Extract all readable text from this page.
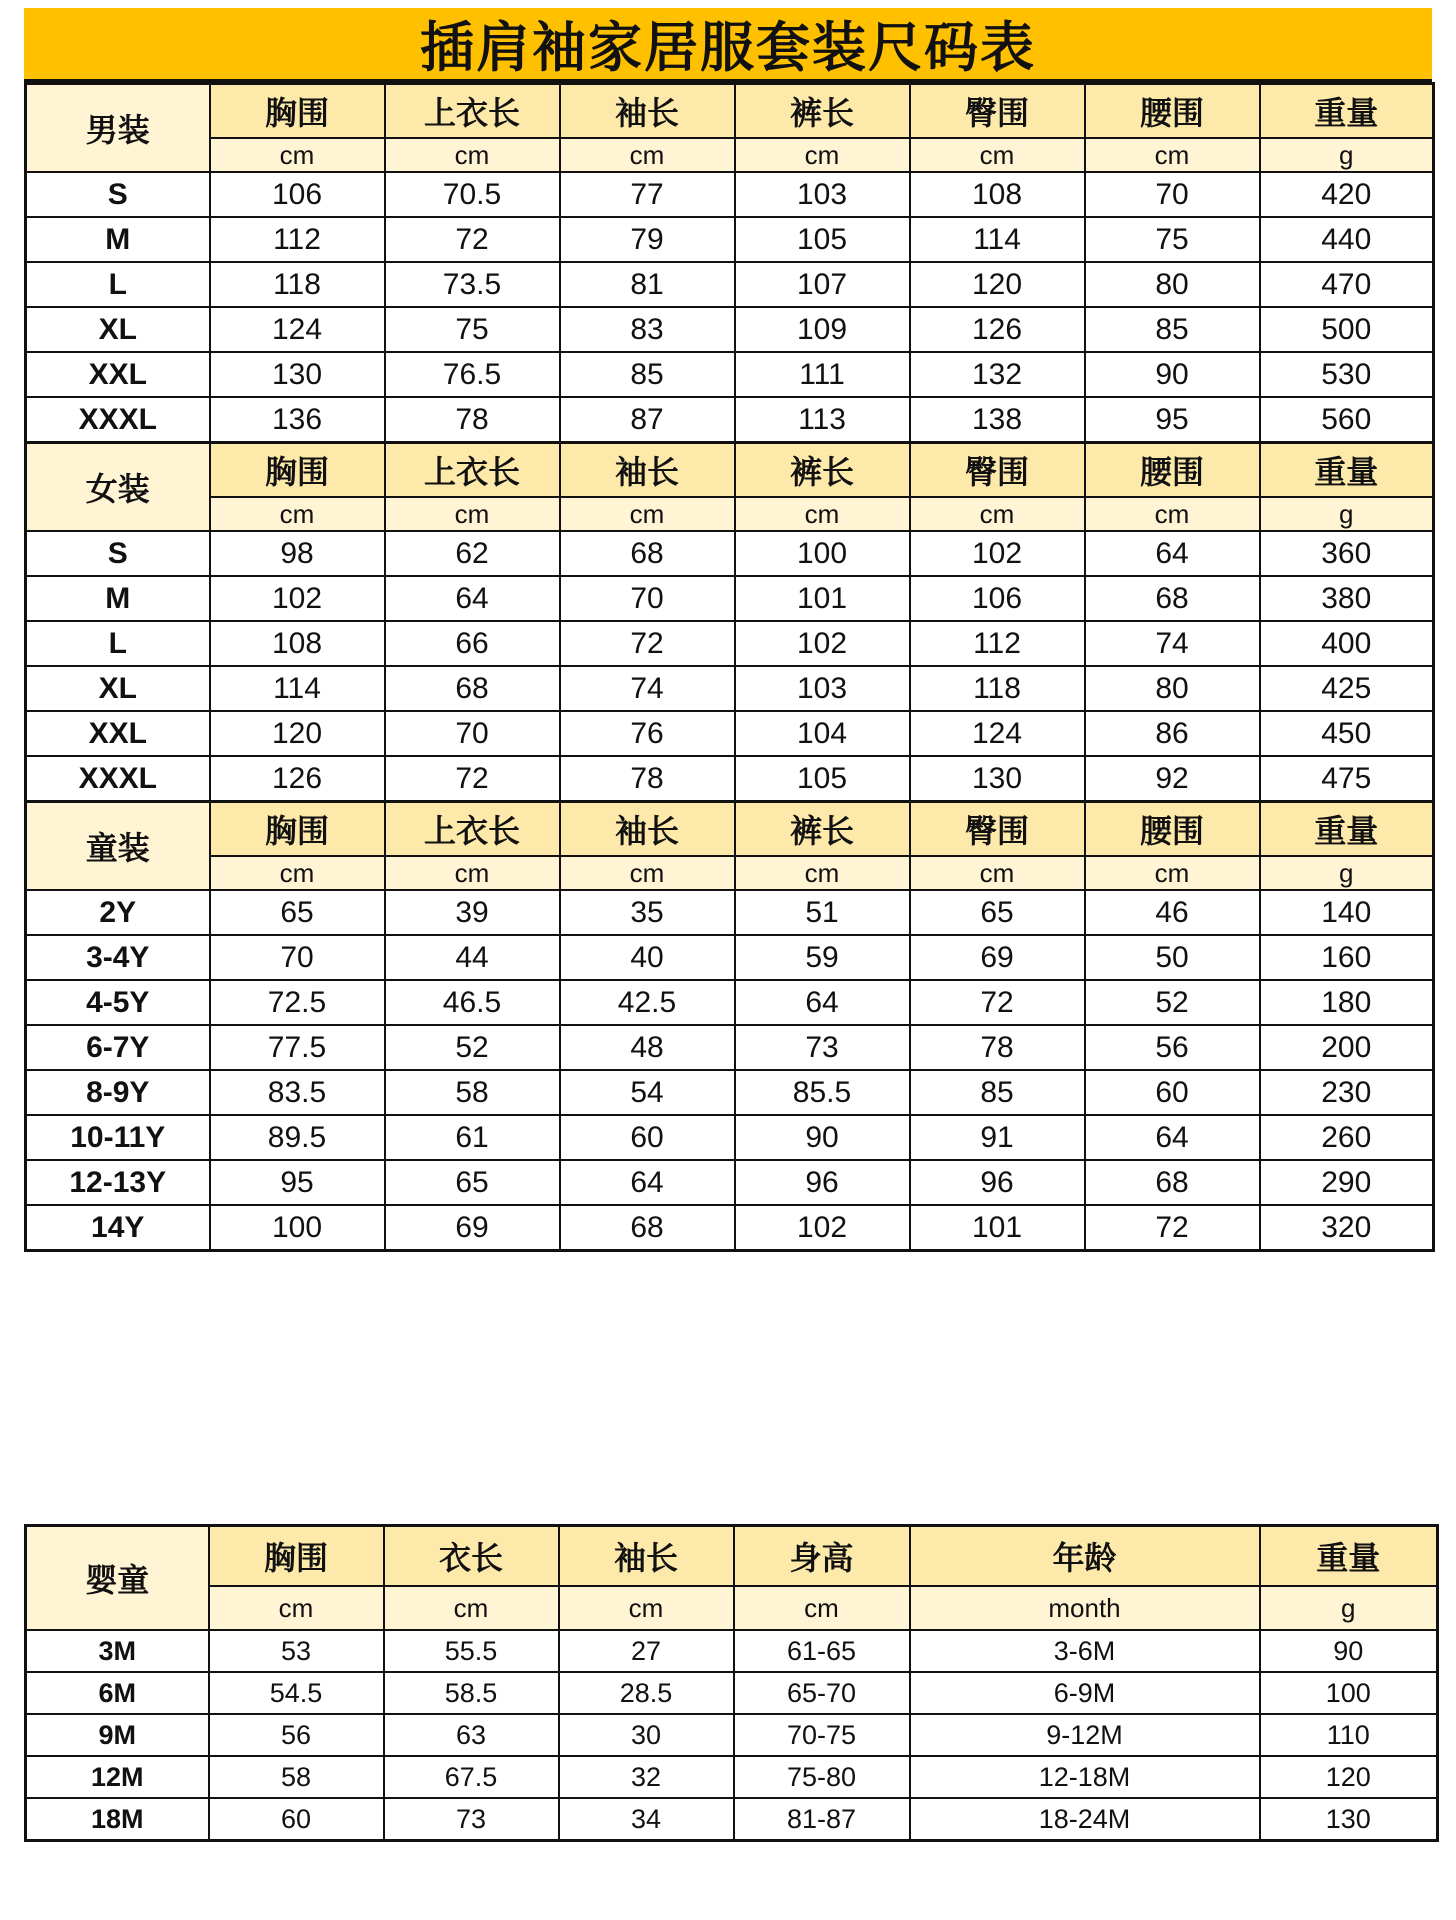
插肩袖家居服套装尺码表
男装	胸围	上衣长	袖长	裤长	臀围	腰围	重量
	cm	cm	cm	cm	cm	cm	g
S	106	70.5	77	103	108	70	420
M	112	72	79	105	114	75	440
L	118	73.5	81	107	120	80	470
XL	124	75	83	109	126	85	500
XXL	130	76.5	85	111	132	90	530
XXXL	136	78	87	113	138	95	560
女装	胸围	上衣长	袖长	裤长	臀围	腰围	重量
	cm	cm	cm	cm	cm	cm	g
S	98	62	68	100	102	64	360
M	102	64	70	101	106	68	380
L	108	66	72	102	112	74	400
XL	114	68	74	103	118	80	425
XXL	120	70	76	104	124	86	450
XXXL	126	72	78	105	130	92	475
童装	胸围	上衣长	袖长	裤长	臀围	腰围	重量
	cm	cm	cm	cm	cm	cm	g
2Y	65	39	35	51	65	46	140
3-4Y	70	44	40	59	69	50	160
4-5Y	72.5	46.5	42.5	64	72	52	180
6-7Y	77.5	52	48	73	78	56	200
8-9Y	83.5	58	54	85.5	85	60	230
10-11Y	89.5	61	60	90	91	64	260
12-13Y	95	65	64	96	96	68	290
14Y	100	69	68	102	101	72	320
婴童	胸围	衣长	袖长	身高	年龄	重量
	cm	cm	cm	cm	month	g
3M	53	55.5	27	61-65	3-6M	90
6M	54.5	58.5	28.5	65-70	6-9M	100
9M	56	63	30	70-75	9-12M	110
12M	58	67.5	32	75-80	12-18M	120
18M	60	73	34	81-87	18-24M	130
